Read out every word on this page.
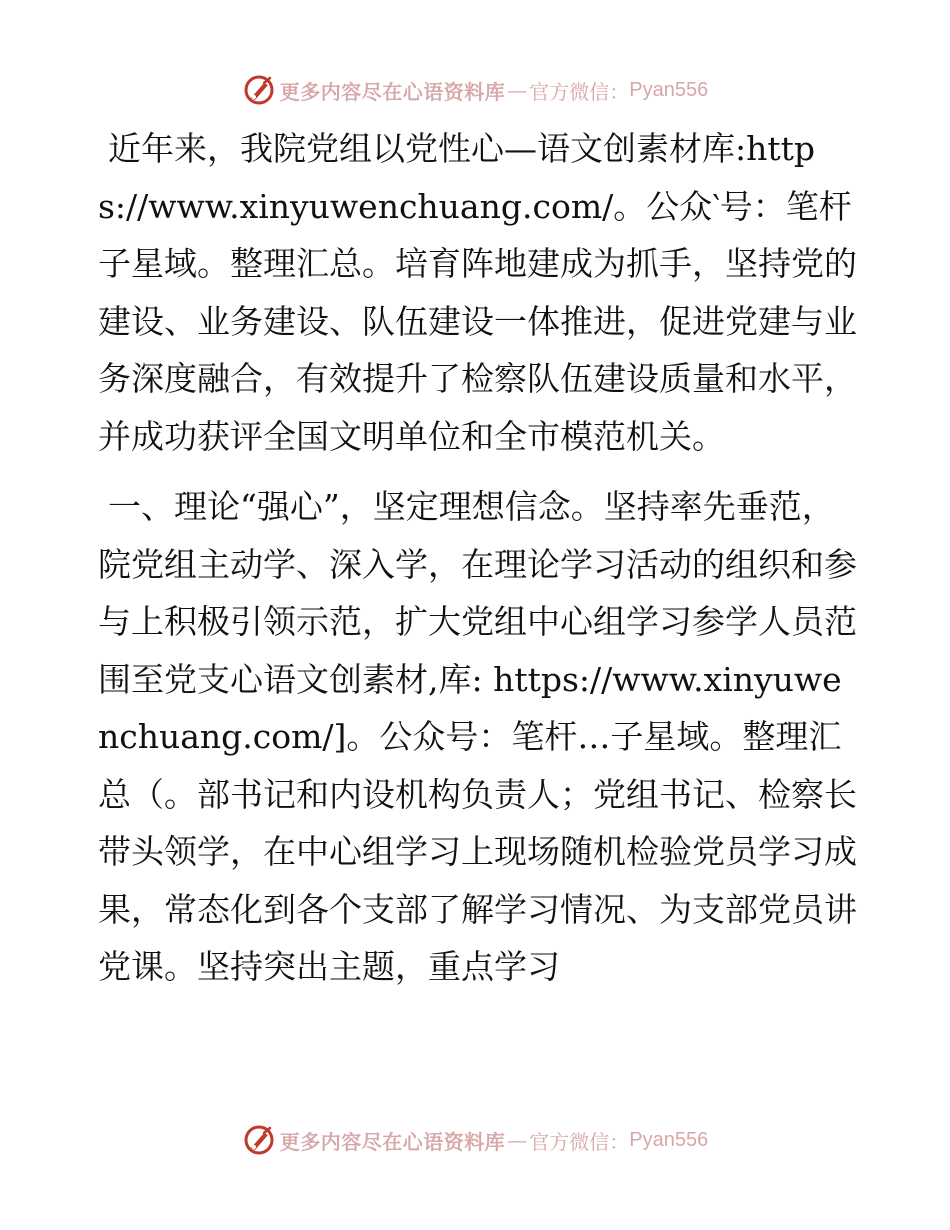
更多内容尽在心语资料库 — 官方微信： Pyan556

近年来，我院党组以党性心—语文创素材库:https://www.xinyuwenchuang.com/。公众‵号：笔杆子星域。整理汇总。培育阵地建成为抓手，坚持党的建设、业务建设、队伍建设一体推进，促进党建与业务深度融合，有效提升了检察队伍建设质量和水平，并成功获评全国文明单位和全市模范机关。

一、理论“强心”，坚定理想信念。坚持率先垂范，院党组主动学、深入学，在理论学习活动的组织和参与上积极引领示范，扩大党组中心组学习参学人员范围至党支心语文创素材,库: https://www.xinyuwenchuang.com/]。公众号：笔杆…子星域。整理汇总（。部书记和内设机构负责人；党组书记、检察长带头领学，在中心组学习上现场随机检验党员学习成果，常态化到各个支部了解学习情况、为支部党员讲党课。坚持突出主题，重点学习

更多内容尽在心语资料库 — 官方微信： Pyan556
